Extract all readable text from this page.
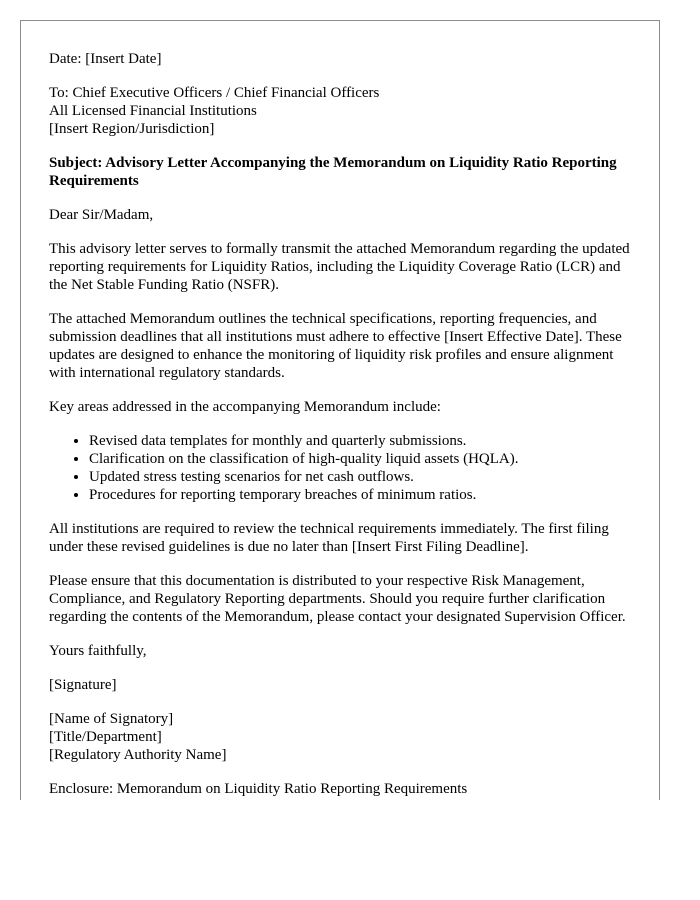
Date: [Insert Date]

To: Chief Executive Officers / Chief Financial Officers
All Licensed Financial Institutions
[Insert Region/Jurisdiction]

Subject: Advisory Letter Accompanying the Memorandum on Liquidity Ratio Reporting Requirements

Dear Sir/Madam,

This advisory letter serves to formally transmit the attached Memorandum regarding the updated reporting requirements for Liquidity Ratios, including the Liquidity Coverage Ratio (LCR) and the Net Stable Funding Ratio (NSFR).

The attached Memorandum outlines the technical specifications, reporting frequencies, and submission deadlines that all institutions must adhere to effective [Insert Effective Date]. These updates are designed to enhance the monitoring of liquidity risk profiles and ensure alignment with international regulatory standards.

Key areas addressed in the accompanying Memorandum include:

• Revised data templates for monthly and quarterly submissions.
• Clarification on the classification of high-quality liquid assets (HQLA).
• Updated stress testing scenarios for net cash outflows.
• Procedures for reporting temporary breaches of minimum ratios.

All institutions are required to review the technical requirements immediately. The first filing under these revised guidelines is due no later than [Insert First Filing Deadline].

Please ensure that this documentation is distributed to your respective Risk Management, Compliance, and Regulatory Reporting departments. Should you require further clarification regarding the contents of the Memorandum, please contact your designated Supervision Officer.

Yours faithfully,

[Signature]

[Name of Signatory]
[Title/Department]
[Regulatory Authority Name]

Enclosure: Memorandum on Liquidity Ratio Reporting Requirements
